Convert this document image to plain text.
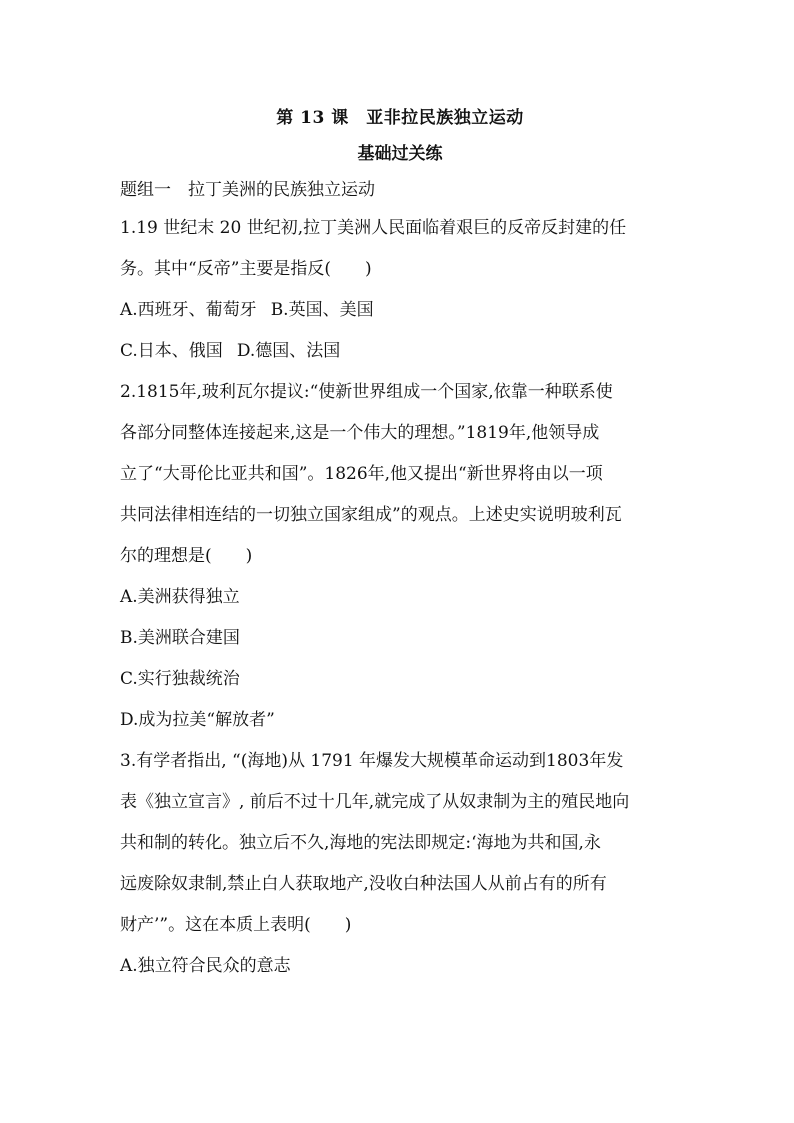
第 13 课　亚非拉民族独立运动
基础过关练
题组一　拉丁美洲的民族独立运动
1.19 世纪末 20 世纪初,拉丁美洲人民面临着艰巨的反帝反封建的任
务。其中“反帝”主要是指反(　　)
A.西班牙、葡萄牙 B.英国、美国
C.日本、俄国 D.德国、法国
2.1815年,玻利瓦尔提议:“使新世界组成一个国家,依靠一种联系使
各部分同整体连接起来,这是一个伟大的理想。”1819年,他领导成
立了“大哥伦比亚共和国”。1826年,他又提出“新世界将由以一项
共同法律相连结的一切独立国家组成”的观点。上述史实说明玻利瓦
尔的理想是(　　)
A.美洲获得独立
B.美洲联合建国
C.实行独裁统治
D.成为拉美“解放者”
3.有学者指出, “(海地)从 1791 年爆发大规模革命运动到1803年发
表《独立宣言》, 前后不过十几年,就完成了从奴隶制为主的殖民地向
共和制的转化。独立后不久,海地的宪法即规定:‘海地为共和国,永
远废除奴隶制,禁止白人获取地产,没收白种法国人从前占有的所有
财产’”。这在本质上表明(　　)
A.独立符合民众的意志
